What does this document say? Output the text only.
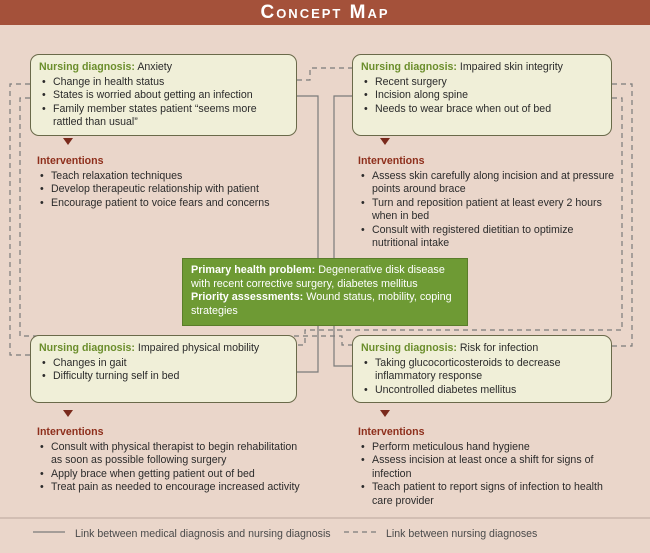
Concept Map
Nursing diagnosis: Anxiety
• Change in health status
• States is worried about getting an infection
• Family member states patient “seems more rattled than usual”
Interventions
• Teach relaxation techniques
• Develop therapeutic relationship with patient
• Encourage patient to voice fears and concerns
Nursing diagnosis: Impaired skin integrity
• Recent surgery
• Incision along spine
• Needs to wear brace when out of bed
Interventions
• Assess skin carefully along incision and at pressure points around brace
• Turn and reposition patient at least every 2 hours when in bed
• Consult with registered dietitian to optimize nutritional intake
Primary health problem: Degenerative disk disease with recent corrective surgery, diabetes mellitus
Priority assessments: Wound status, mobility, coping strategies
Nursing diagnosis: Impaired physical mobility
• Changes in gait
• Difficulty turning self in bed
Interventions
• Consult with physical therapist to begin rehabilitation as soon as possible following surgery
• Apply brace when getting patient out of bed
• Treat pain as needed to encourage increased activity
Nursing diagnosis: Risk for infection
• Taking glucocorticosteroids to decrease inflammatory response
• Uncontrolled diabetes mellitus
Interventions
• Perform meticulous hand hygiene
• Assess incision at least once a shift for signs of infection
• Teach patient to report signs of infection to health care provider
Link between medical diagnosis and nursing diagnosis	Link between nursing diagnoses
